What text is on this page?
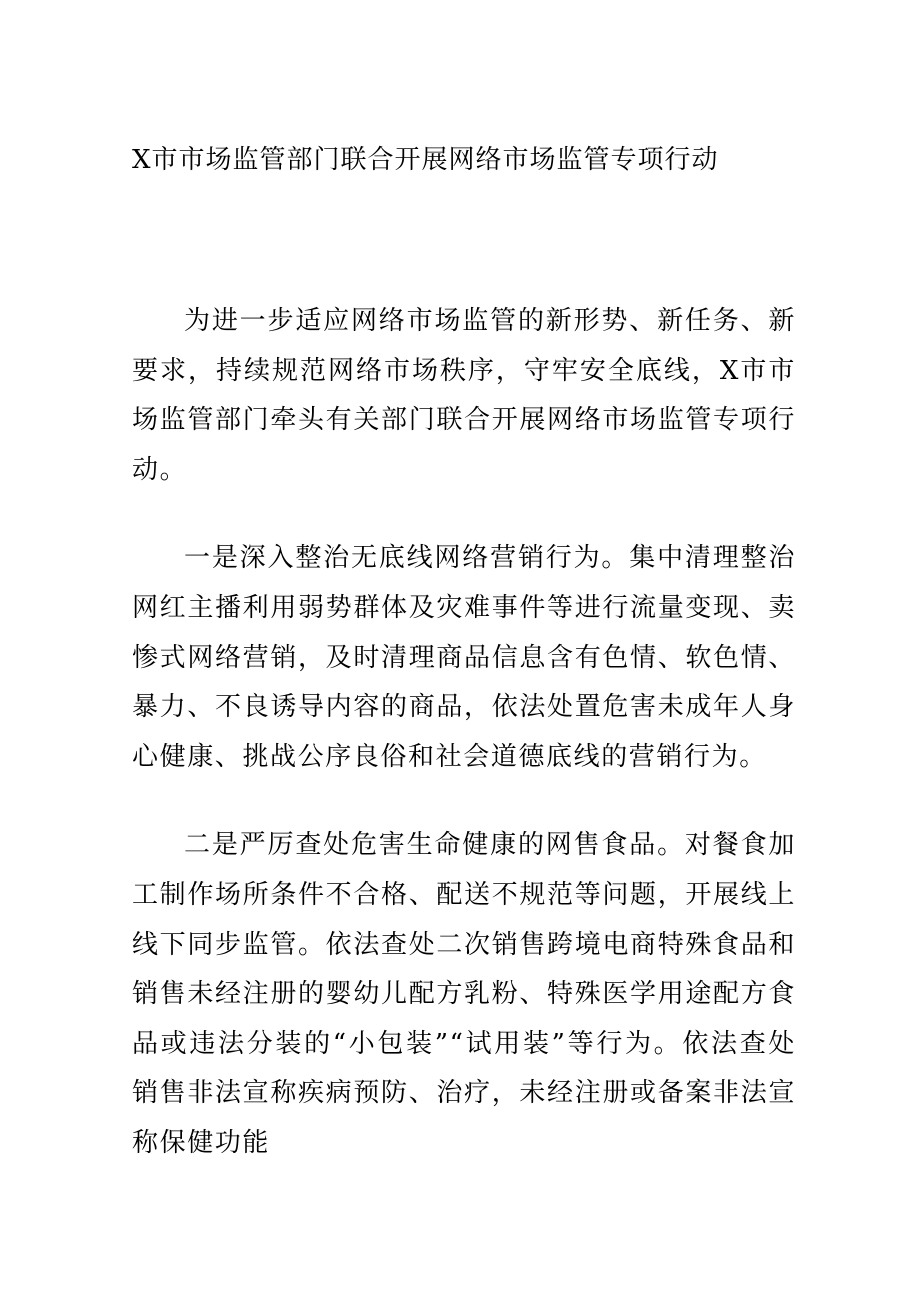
X市市场监管部门联合开展网络市场监管专项行动

为进一步适应网络市场监管的新形势、新任务、新要求，持续规范网络市场秩序，守牢安全底线，X市市场监管部门牵头有关部门联合开展网络市场监管专项行动。

一是深入整治无底线网络营销行为。集中清理整治网红主播利用弱势群体及灾难事件等进行流量变现、卖惨式网络营销，及时清理商品信息含有色情、软色情、暴力、不良诱导内容的商品，依法处置危害未成年人身心健康、挑战公序良俗和社会道德底线的营销行为。

二是严厉查处危害生命健康的网售食品。对餐食加工制作场所条件不合格、配送不规范等问题，开展线上线下同步监管。依法查处二次销售跨境电商特殊食品和销售未经注册的婴幼儿配方乳粉、特殊医学用途配方食品或违法分装的“小包装”“试用装”等行为。依法查处销售非法宣称疾病预防、治疗，未经注册或备案非法宣称保健功能
